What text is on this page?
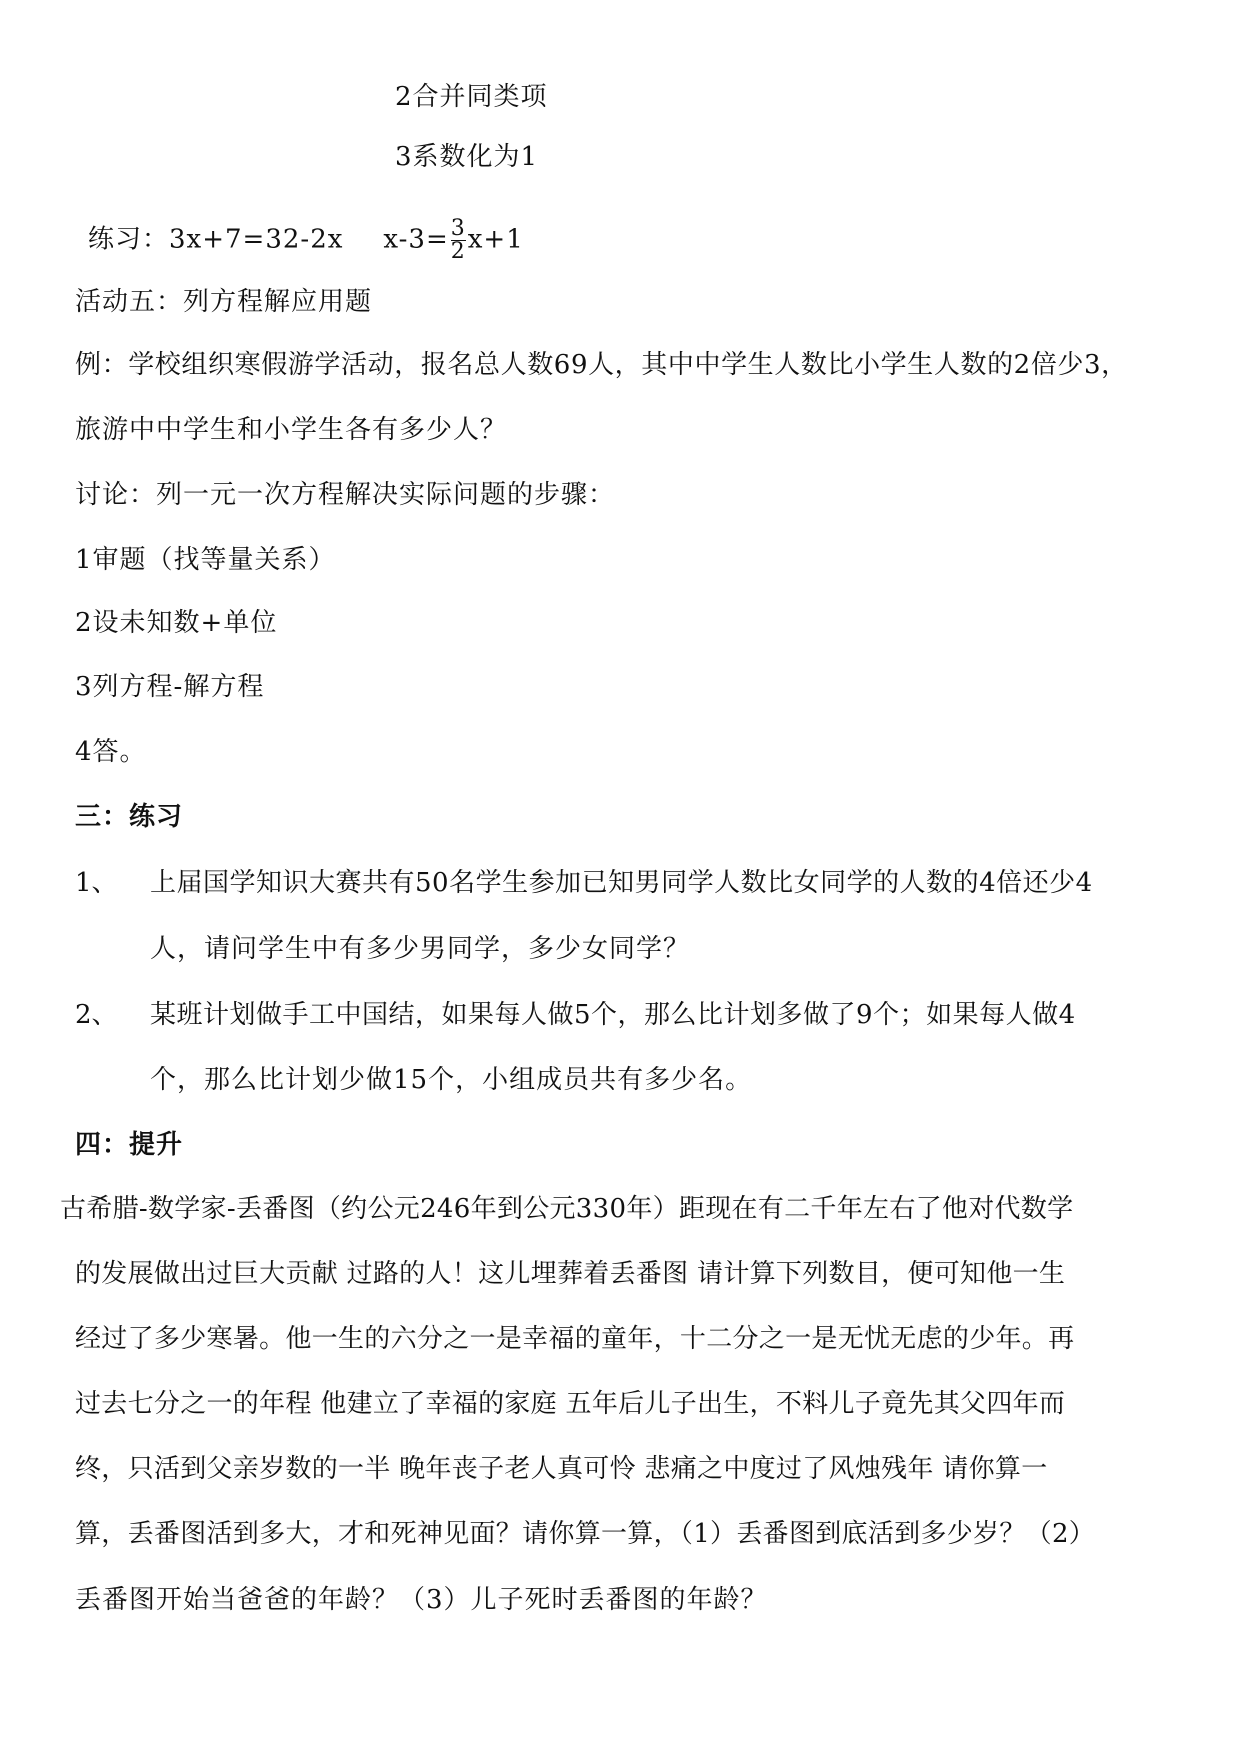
2合并同类项
3系数化为1
练习：3x+7=32-2x $x-3= \frac{3}{2} x+1$
活动五：列方程解应用题
例：学校组织寒假游学活动，报名总人数69人，其中中学生人数比小学生人数的2倍少3，
旅游中中学生和小学生各有多少人？
讨论：列一元一次方程解决实际问题的步骤：
1审题（找等量关系）
2设未知数+单位
3列方程-解方程
4答。
三：练习
1、 上届国学知识大赛共有50名学生参加已知男同学人数比女同学的人数的4倍还少4
人，请问学生中有多少男同学，多少女同学？
2、 某班计划做手工中国结，如果每人做5个，那么比计划多做了9个；如果每人做4
个，那么比计划少做15个，小组成员共有多少名。
四：提升
古希腊-数学家-丢番图（约公元246年到公元330年）距现在有二千年左右了他对代数学
的发展做出过巨大贡献 过路的人！这儿埋葬着丢番图 请计算下列数目，便可知他一生
经过了多少寒暑。他一生的六分之一是幸福的童年，十二分之一是无忧无虑的少年。再
过去七分之一的年程 他建立了幸福的家庭 五年后儿子出生，不料儿子竟先其父四年而
终，只活到父亲岁数的一半 晚年丧子老人真可怜 悲痛之中度过了风烛残年 请你算一
算，丢番图活到多大，才和死神见面？请你算一算，（1）丢番图到底活到多少岁？（2）
丢番图开始当爸爸的年龄？（3）儿子死时丢番图的年龄？
